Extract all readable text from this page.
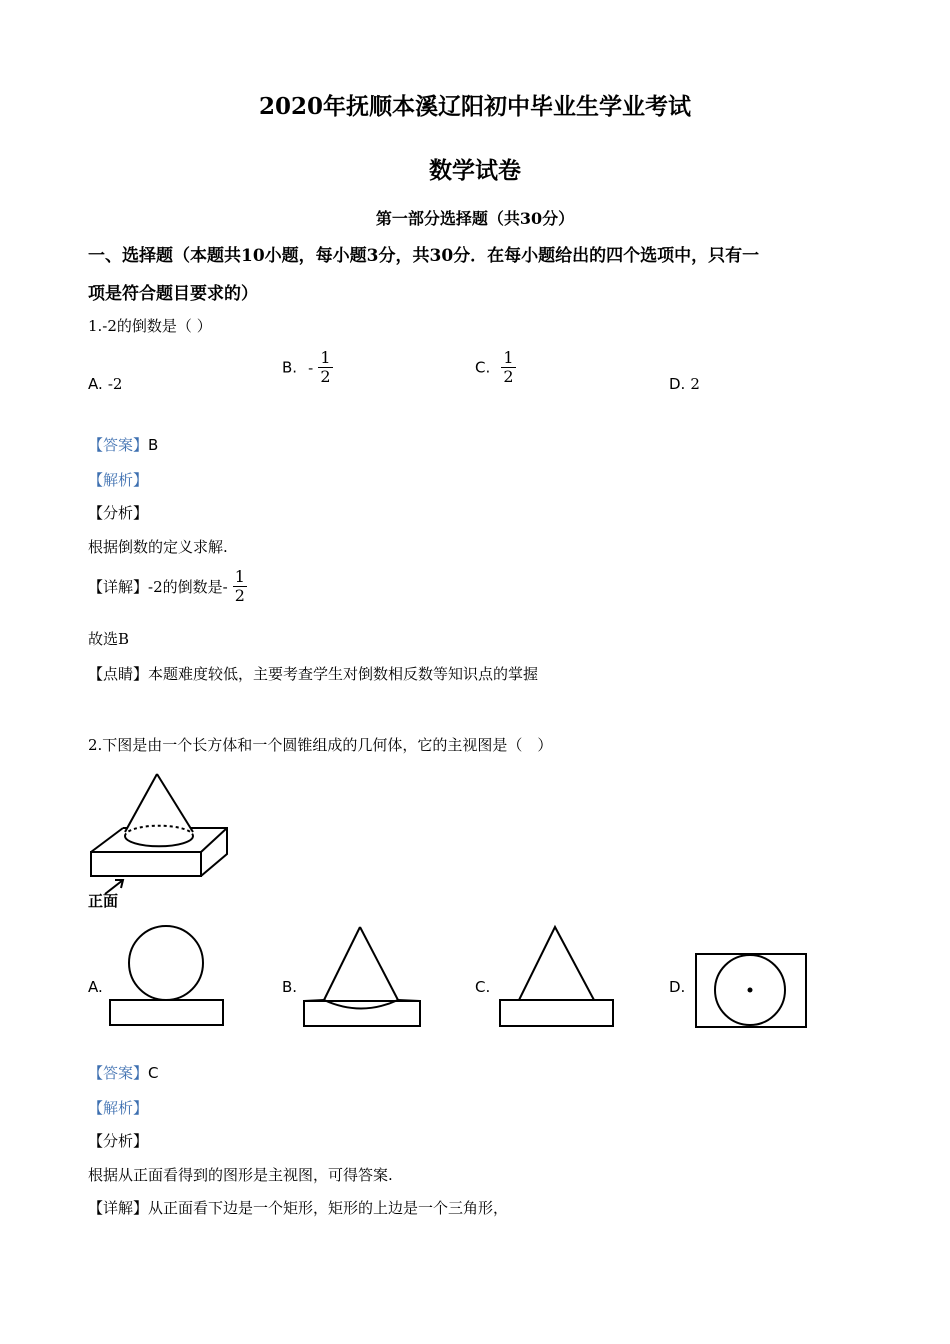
2020年抚顺本溪辽阳初中毕业生学业考试
数学试卷
第一部分选择题（共30分）
一、选择题（本题共10小题，每小题3分，共30分．在每小题给出的四个选项中，只有一
项是符合题目要求的）
1.-2的倒数是（ ）
A. -2
B. - $\frac{1}{2}$	C. $\frac{1}{2}$	D. 2
【答案】B
【解析】
【分析】
根据倒数的定义求解.
【详解】-2的倒数是- $\frac{1}{2}$
故选B
【点睛】本题难度较低，主要考查学生对倒数相反数等知识点的掌握
2.下图是由一个长方体和一个圆锥组成的几何体，它的主视图是（　）
正面
A.	B.	C.	D.
【答案】C
【解析】
【分析】
根据从正面看得到的图形是主视图，可得答案.
【详解】从正面看下边是一个矩形，矩形的上边是一个三角形，
